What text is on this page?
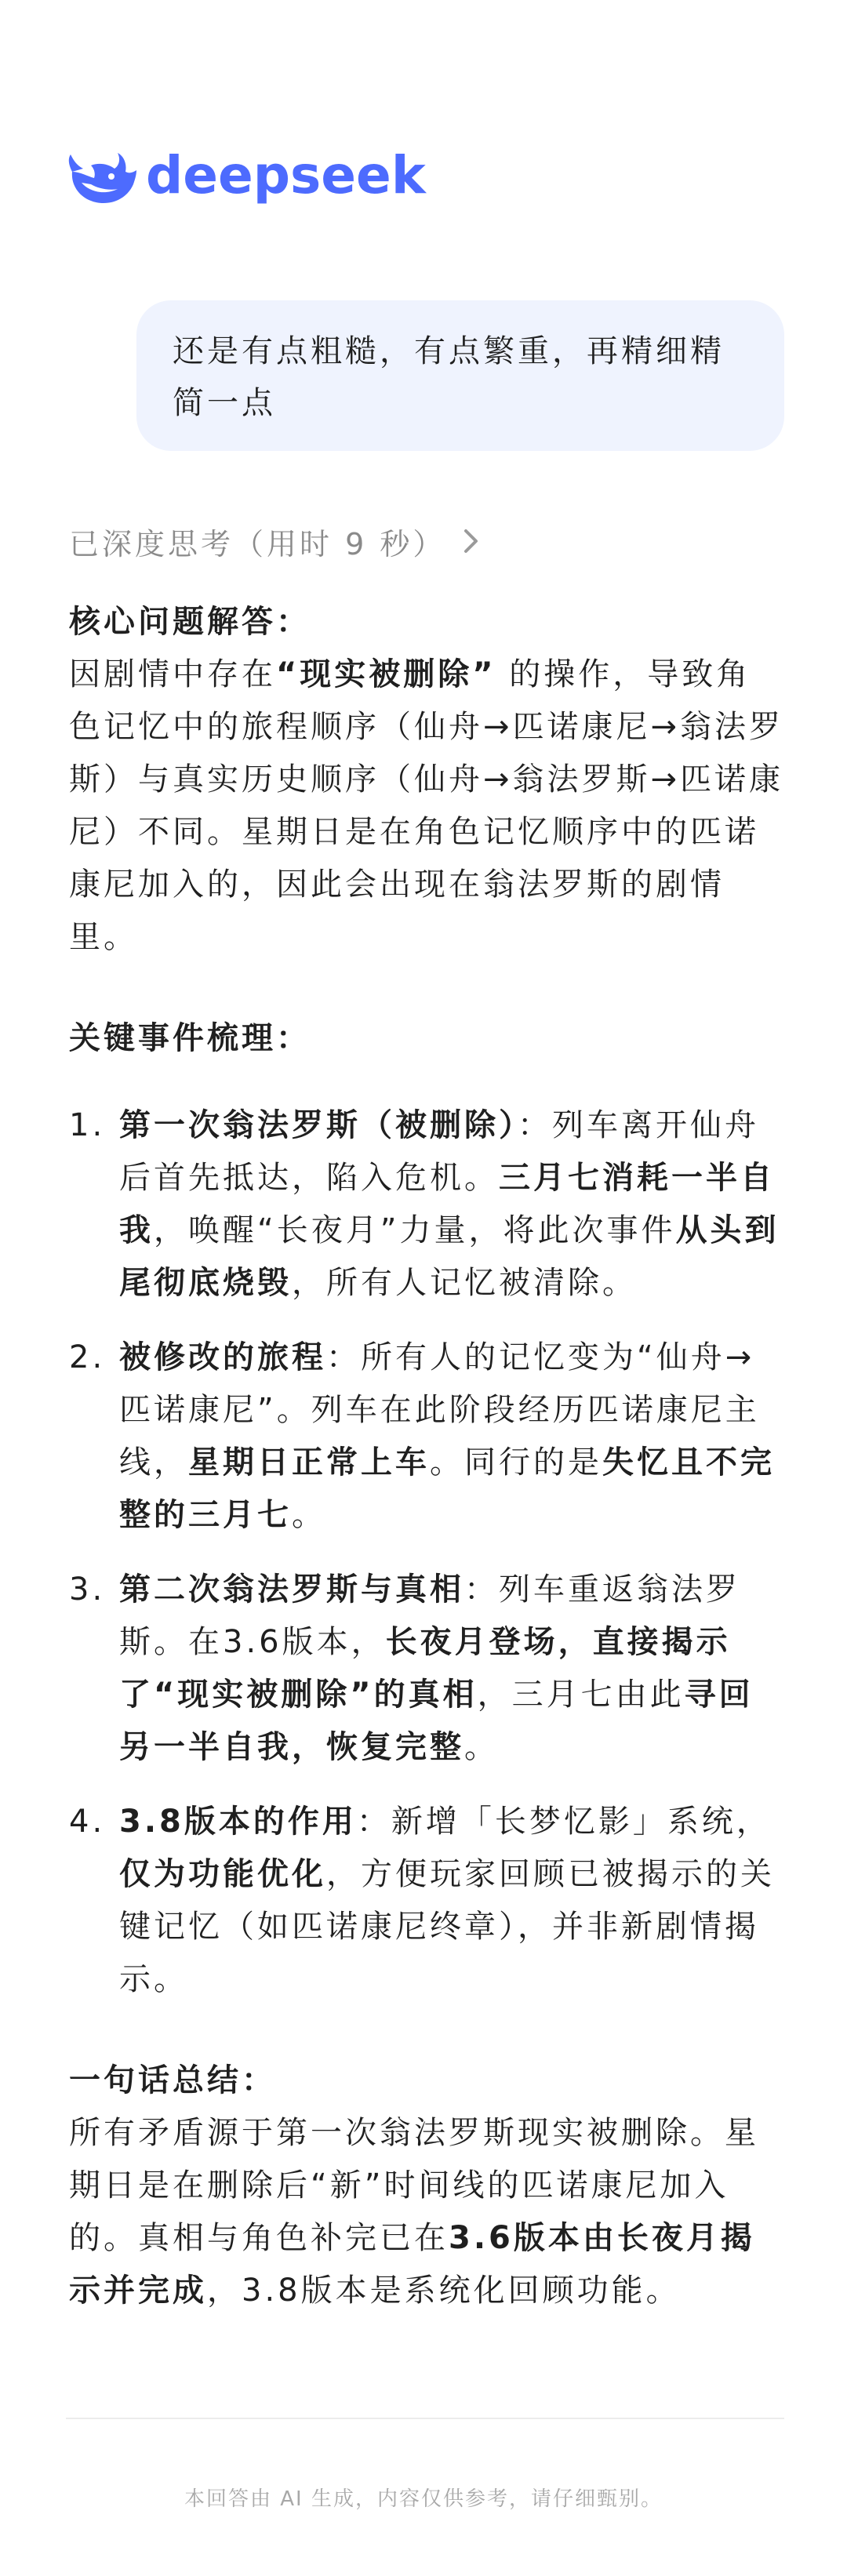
deepseek
还是有点粗糙，有点繁重，再精细精简一点
已深度思考（用时 9 秒）

核心问题解答：

因剧情中存在“现实被删除” 的操作，导致角色记忆中的旅程顺序（仙舟→匹诺康尼→翁法罗斯）与真实历史顺序（仙舟→翁法罗斯→匹诺康尼）不同。星期日是在角色记忆顺序中的匹诺康尼加入的，因此会出现在翁法罗斯的剧情里。

关键事件梳理：

1. 第一次翁法罗斯（被删除）：列车离开仙舟后首先抵达，陷入危机。三月七消耗一半自我，唤醒“长夜月”力量，将此次事件从头到尾彻底烧毁，所有人记忆被清除。
2. 被修改的旅程：所有人的记忆变为“仙舟→匹诺康尼”。列车在此阶段经历匹诺康尼主线，星期日正常上车。同行的是失忆且不完整的三月七。
3. 第二次翁法罗斯与真相：列车重返翁法罗斯。在3.6版本，长夜月登场，直接揭示了“现实被删除”的真相，三月七由此寻回另一半自我，恢复完整。
4. 3.8版本的作用：新增「长梦忆影」系统，仅为功能优化，方便玩家回顾已被揭示的关键记忆（如匹诺康尼终章），并非新剧情揭示。

一句话总结：

所有矛盾源于第一次翁法罗斯现实被删除。星期日是在删除后“新”时间线的匹诺康尼加入的。真相与角色补完已在3.6版本由长夜月揭示并完成，3.8版本是系统化回顾功能。

本回答由 AI 生成，内容仅供参考，请仔细甄别。
